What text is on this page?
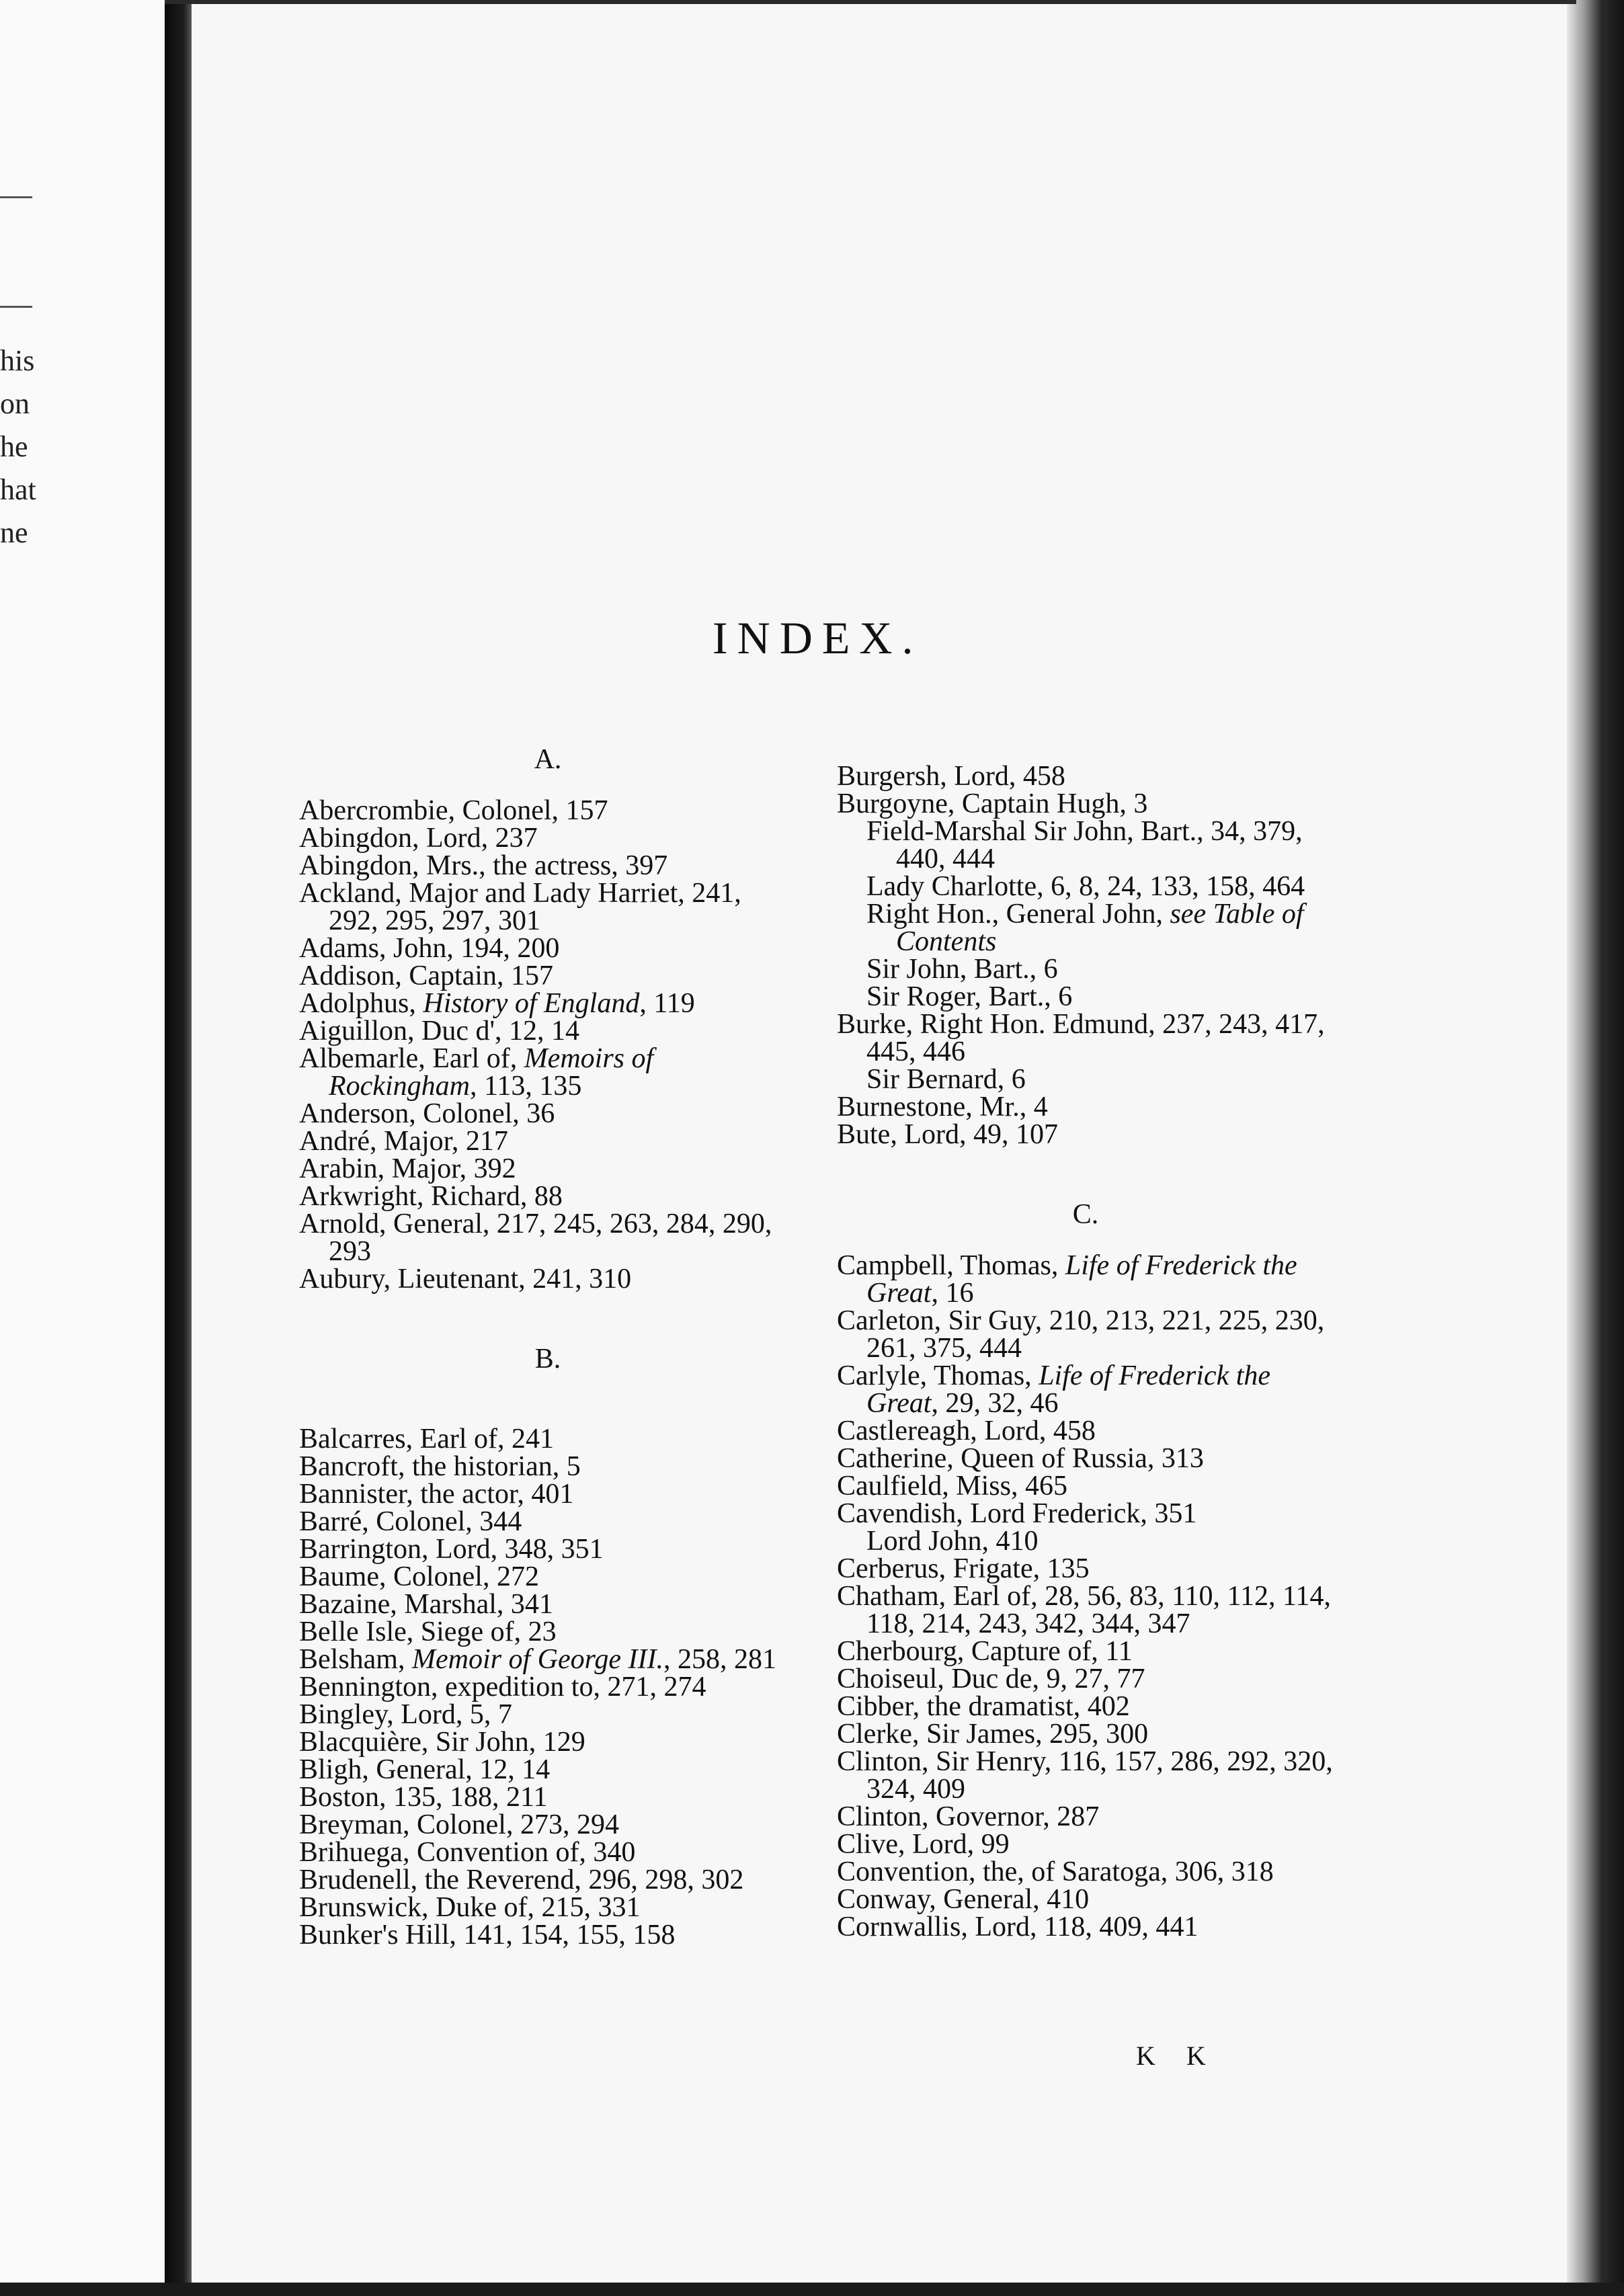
his
on
he
hat
ne
INDEX.

A.

Abercrombie, Colonel, 157

Abingdon, Lord, 237

Abingdon, Mrs., the actress, 397

Ackland, Major and Lady Harriet, 241, 292, 295, 297, 301

Adams, John, 194, 200

Addison, Captain, 157

Adolphus, History of England, 119

Aiguillon, Duc d', 12, 14

Albemarle, Earl of, Memoirs of Rockingham, 113, 135

Anderson, Colonel, 36

André, Major, 217

Arabin, Major, 392

Arkwright, Richard, 88

Arnold, General, 217, 245, 263, 284, 290, 293

Aubury, Lieutenant, 241, 310

B.

Balcarres, Earl of, 241

Bancroft, the historian, 5

Bannister, the actor, 401

Barré, Colonel, 344

Barrington, Lord, 348, 351

Baume, Colonel, 272

Bazaine, Marshal, 341

Belle Isle, Siege of, 23

Belsham, Memoir of George III., 258, 281

Bennington, expedition to, 271, 274

Bingley, Lord, 5, 7

Blacquière, Sir John, 129

Bligh, General, 12, 14

Boston, 135, 188, 211

Breyman, Colonel, 273, 294

Brihuega, Convention of, 340

Brudenell, the Reverend, 296, 298, 302

Brunswick, Duke of, 215, 331

Bunker's Hill, 141, 154, 155, 158

Burgersh, Lord, 458

Burgoyne, Captain Hugh, 3

Field-Marshal Sir John, Bart., 34, 379, 440, 444

Lady Charlotte, 6, 8, 24, 133, 158, 464

Right Hon., General John, see Table of Contents

Sir John, Bart., 6

Sir Roger, Bart., 6

Burke, Right Hon. Edmund, 237, 243, 417, 445, 446

Sir Bernard, 6

Burnestone, Mr., 4

Bute, Lord, 49, 107

C.

Campbell, Thomas, Life of Frederick the Great, 16

Carleton, Sir Guy, 210, 213, 221, 225, 230, 261, 375, 444

Carlyle, Thomas, Life of Frederick the Great, 29, 32, 46

Castlereagh, Lord, 458

Catherine, Queen of Russia, 313

Caulfield, Miss, 465

Cavendish, Lord Frederick, 351

Lord John, 410

Cerberus, Frigate, 135

Chatham, Earl of, 28, 56, 83, 110, 112, 114, 118, 214, 243, 342, 344, 347

Cherbourg, Capture of, 11

Choiseul, Duc de, 9, 27, 77

Cibber, the dramatist, 402

Clerke, Sir James, 295, 300

Clinton, Sir Henry, 116, 157, 286, 292, 320, 324, 409

Clinton, Governor, 287

Clive, Lord, 99

Convention, the, of Saratoga, 306, 318

Conway, General, 410

Cornwallis, Lord, 118, 409, 441

K K
